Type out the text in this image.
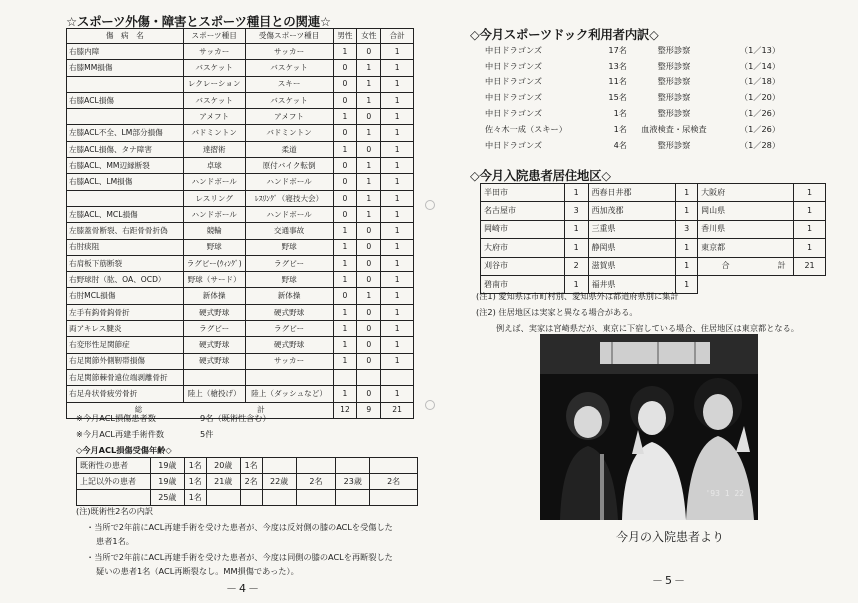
☆スポーツ外傷・障害とスポーツ種目との関連☆
傷　病　名	スポーツ種目	受傷スポーツ種目	男性	女性	合計
右膝内障	サッカー	サッカー	1	0	1
右膝MM損傷	バスケット	バスケット	0	1	1
	レクレーション	スキー	0	1	1
右膝ACL損傷	バスケット	バスケット	0	1	1
	アメフト	アメフト	1	0	1
左膝ACL不全、LM部分損傷	バドミントン	バドミントン	0	1	1
左膝ACL損傷、タナ障害	達摺術	柔道	1	0	1
右膝ACL、MM辺縁断裂	卓球	原付バイク転倒	0	1	1
右膝ACL、LM損傷	ハンドボール	ハンドボール	0	1	1
	レスリング	ﾚｽﾘﾝｸﾞ（寝技大会）	0	1	1
左膝ACL、MCL損傷	ハンドボール	ハンドボール	0	1	1
左膝蓋骨断裂、右距骨骨折偽	競輪	交通事故	1	0	1
右肘痰阻	野球	野球	1	0	1
右肩板下筋断裂	ラグビー(ｳｨﾝｸﾞ)	ラグビー	1	0	1
右野球肘（肱、OA、OCD）	野球（サード）	野球	1	0	1
右肘MCL損傷	新体操	新体操	0	1	1
左手有鈎骨鈎骨折	硬式野球	硬式野球	1	0	1
両アキレス腱炎	ラグビー	ラグビー	1	0	1
右変形性足関節症	硬式野球	硬式野球	1	0	1
右足関節外側靭帯損傷	硬式野球	サッカー	1	0	1
右足関節棘骨遠位端剥離骨折					
右足舟状骨疲労骨折	陸上（槍投げ）	陸上（ダッシュなど）	1	0	1
総 計			12	9	21
※今月ACL損傷患者数	9名（既術性含む）
※今月ACL再建手術件数	5件
◇今月ACL損傷受傷年齢◇
既術性の患者	19歳	1名	20歳	1名				
上記以外の患者	19歳	1名	21歳	2名	22歳	2名	23歳	2名
	25歳	1名						
(注)既術性2名の内訳
・当所で2年前にACL再建手術を受けた患者が、今度は反対側の膝のACLを受傷した
患者1名。
・当所で2年前にACL再建手術を受けた患者が、今度は同側の膝のACLを再断裂した
疑いの患者1名（ACL再断裂なし。MM損傷であった）。
－4－
◇今月スポーツドック利用者内訳◇
中日ドラゴンズ	17名	整形診察	（1／13）
中日ドラゴンズ	13名	整形診察	（1／14）
中日ドラゴンズ	11名	整形診察	（1／18）
中日ドラゴンズ	15名	整形診察	（1／20）
中日ドラゴンズ	1名	整形診察	（1／26）
佐々木一成（スキー）	1名	血液検査・尿検査	（1／26）
中日ドラゴンズ	4名	整形診察	（1／28）
◇今月入院患者居住地区◇
半田市	1	西春日井郡	1	大阪府	1
名古屋市	3	西加茂郡	1	岡山県	1
岡崎市	1	三重県	3	香川県	1
大府市	1	静岡県	1	東京都	1
刈谷市	2	滋賀県	1	合 計	21
碧南市	1	福井県	1		
(注1) 愛知県は市町村別、愛知県外は都道府県別に集計
(注2) 住居地区は実家と異なる場合がある。
例えば、実家は宮崎県だが、東京に下宿している場合、住居地区は東京都となる。
'93 1 22
今月の入院患者より
－5－
